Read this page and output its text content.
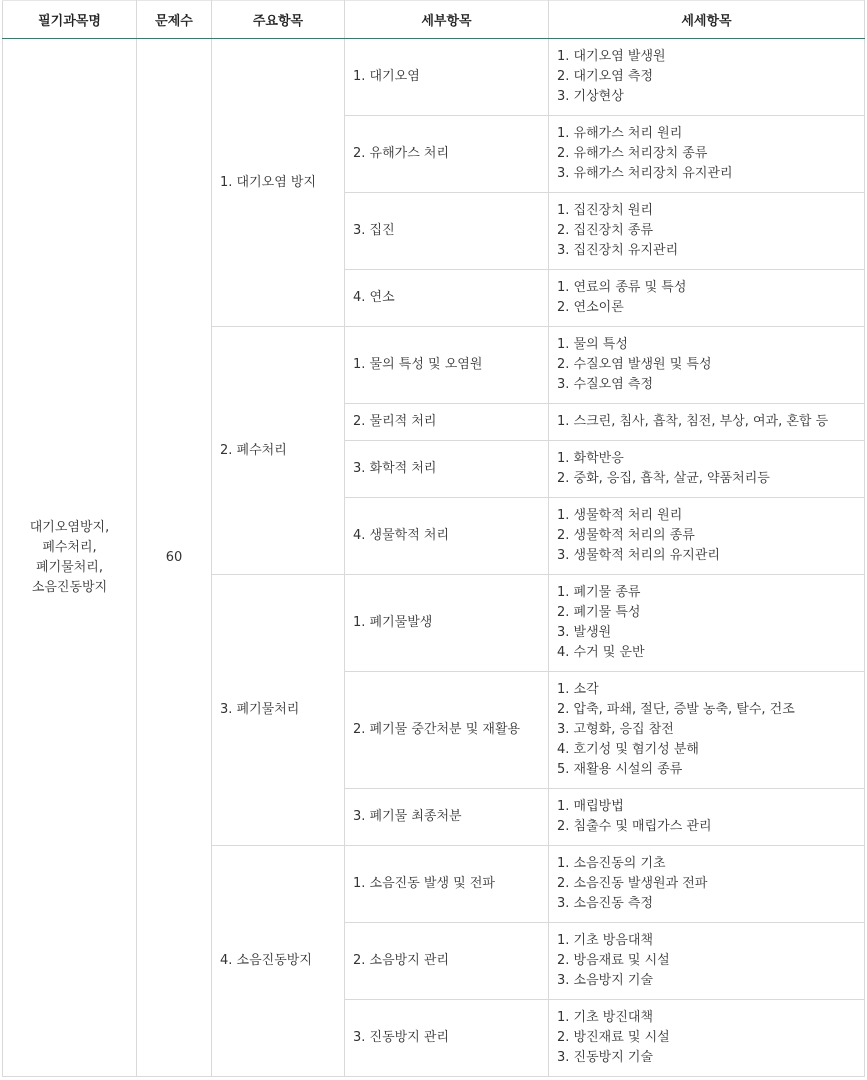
필기과목명	문제수	주요항목	세부항목	세세항목

대기오염방지,
폐수처리,
폐기물처리,
소음진동방지	60	1. 대기오염 방지	1. 대기오염	1. 대기오염 발생원
2. 대기오염 측정
3. 기상현상

			2. 유해가스 처리	1. 유해가스 처리 원리
2. 유해가스 처리장치 종류
3. 유해가스 처리장치 유지관리

			3. 집진	1. 집진장치 원리
2. 집진장치 종류
3. 집진장치 유지관리

			4. 연소	1. 연료의 종류 및 특성
2. 연소이론

		2. 폐수처리	1. 물의 특성 및 오염원	1. 물의 특성
2. 수질오염 발생원 및 특성
3. 수질오염 측정

			2. 물리적 처리	1. 스크린, 침사, 흡착, 침전, 부상, 여과, 혼합 등

			3. 화학적 처리	1. 화학반응
2. 중화, 응집, 흡착, 살균, 약품처리등

			4. 생물학적 처리	1. 생물학적 처리 원리
2. 생물학적 처리의 종류
3. 생물학적 처리의 유지관리

		3. 폐기물처리	1. 폐기물발생	1. 폐기물 종류
2. 폐기물 특성
3. 발생원
4. 수거 및 운반

			2. 폐기물 중간처분 및 재활용	1. 소각
2. 압축, 파쇄, 절단, 증발 농축, 탈수, 건조
3. 고형화, 응집 참전
4. 호기성 및 혐기성 분해
5. 재활용 시설의 종류

			3. 폐기물 최종처분	1. 매립방법
2. 침출수 및 매립가스 관리

		4. 소음진동방지	1. 소음진동 발생 및 전파	1. 소음진동의 기초
2. 소음진동 발생원과 전파
3. 소음진동 측정

			2. 소음방지 관리	1. 기초 방음대책
2. 방음재료 및 시설
3. 소음방지 기술

			3. 진동방지 관리	1. 기초 방진대책
2. 방진재료 및 시설
3. 진동방지 기술
